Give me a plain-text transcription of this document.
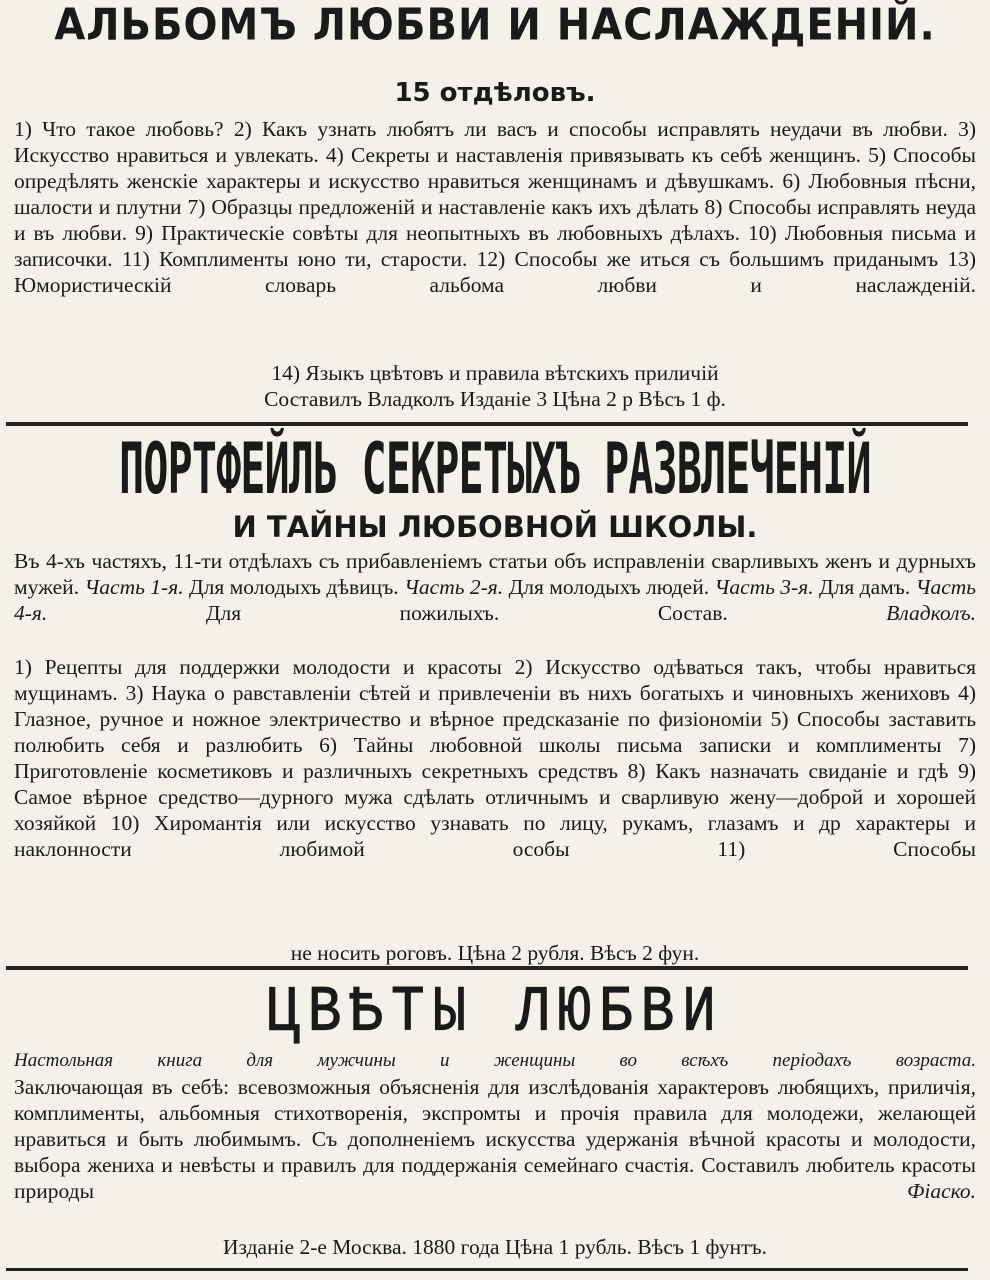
АЛЬБОМЪ ЛЮБВИ И НАСЛАЖДЕНІЙ.
15 отдѣловъ.
1) Что такое любовь? 2) Какъ узнать любятъ ли васъ и способы исправлять неудачи въ любви. 3) Искусство нравиться и увлекать. 4) Секреты и наставленія привязывать къ себѣ женщинъ. 5) Способы опредѣлять женскіе характеры и искусство нравиться женщинамъ и дѣвушкамъ. 6) Любовныя пѣсни, шалости и плутни 7) Образцы предложеній и наставленіе какъ ихъ дѣлать 8) Способы исправлять неуда и въ любви. 9) Практическіе совѣты для неопытныхъ въ любовныхъ дѣлахъ. 10) Любовныя письма и записочки. 11) Комплименты юно ти, старости. 12) Способы же иться съ большимъ приданымъ 13) Юмористическій словарь альбома любви и наслажденій.
14) Языкъ цвѣтовъ и правила вѣтскихъ приличій
Составилъ Владколъ Изданіе 3 Цѣна 2 р Вѣсъ 1 ф.
ПОРТФЕЙЛЬ СЕКРЕТЫХЪ РАЗВЛЕЧЕНІЙ
И ТАЙНЫ ЛЮБОВНОЙ ШКОЛЫ.
Въ 4-хъ частяхъ, 11-ти отдѣлахъ съ прибавленіемъ статьи объ исправленіи сварливыхъ женъ и дурныхъ мужей. Часть 1-я. Для молодыхъ дѣвицъ. Часть 2-я. Для молодыхъ людей. Часть 3-я. Для дамъ. Часть 4-я.	Для пожилыхъ. Состав.	Владколъ.
1) Рецепты для поддержки молодости и красоты 2) Искусство одѣваться такъ, чтобы нравиться мущинамъ. 3) Наука о равставленіи сѣтей и привлеченіи въ нихъ богатыхъ и чиновныхъ жениховъ 4) Глазное, ручное и ножное электричество и вѣрное предсказаніе по физіономіи 5) Способы заставить полюбить себя и разлюбить 6) Тайны любовной школы письма записки и комплименты 7) Приготовленіе косметиковъ и различныхъ секретныхъ средствъ 8) Какъ назначать свиданіе и гдѣ 9) Самое вѣрное средство—дурного мужа сдѣлать отличнымъ и сварливую жену—доброй и хорошей хозяйкой 10) Хиромантія или искусство узнавать по лицу, рукамъ, глазамъ и др характеры и наклонности любимой особы 11) Способы
не носить роговъ. Цѣна 2 рубля. Вѣсъ 2 фун.
ЦВѢТЫ ЛЮБВИ
Настольная книга для мужчины и женщины во всѣхъ періодахъ возраста.
Заключающая въ себѣ: всевозможныя объясненія для изслѣдованія характеровъ любящихъ, приличія, комплименты, альбомныя стихотворенія, экспромты и прочія правила для молодежи, желающей нравиться и быть любимымъ. Съ дополненіемъ искусства удержанія вѣчной красоты и молодости, выбора жениха и невѣсты и правилъ для поддержанія семейнаго счастія. Составилъ любитель красоты природы	Фіаско.
Изданіе 2-е Москва. 1880 года Цѣна 1 рубль. Вѣсъ 1 фунтъ.
